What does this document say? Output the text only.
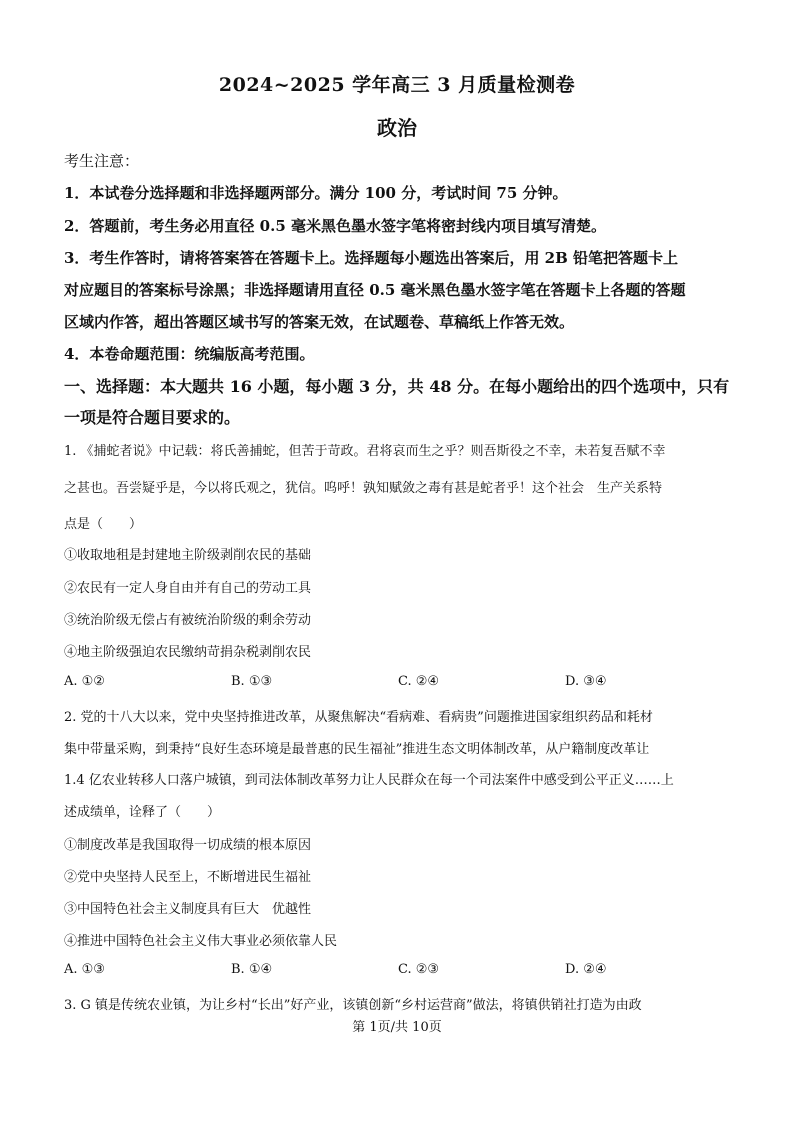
2024~2025 学年高三 3 月质量检测卷
政治
考生注意：
1．本试卷分选择题和非选择题两部分。满分 100 分，考试时间 75 分钟。
2．答题前，考生务必用直径 0.5 毫米黑色墨水签字笔将密封线内项目填写清楚。
3．考生作答时，请将答案答在答题卡上。选择题每小题选出答案后，用 2B 铅笔把答题卡上
对应题目的答案标号涂黑；非选择题请用直径 0.5 毫米黑色墨水签字笔在答题卡上各题的答题
区域内作答，超出答题区域书写的答案无效，在试题卷、草稿纸上作答无效。
4．本卷命题范围：统编版高考范围。
一、选择题：本大题共 16 小题，每小题 3 分，共 48 分。在每小题给出的四个选项中，只有
一项是符合题目要求的。
1. 《捕蛇者说》中记载：将氏善捕蛇，但苦于苛政。君将哀而生之乎？则吾斯役之不幸，未若复吾赋不幸
之甚也。吾尝疑乎是，今以将氏观之，犹信。呜呼！孰知赋敛之毒有甚是蛇者乎！这个社会　生产关系特
点是（　　）
①收取地租是封建地主阶级剥削农民的基础
②农民有一定人身自由并有自己的劳动工具
③统治阶级无偿占有被统治阶级的剩余劳动
④地主阶级强迫农民缴纳苛捐杂税剥削农民
A. ①②	B. ①③	C. ②④	D. ③④
2. 党的十八大以来，党中央坚持推进改革，从聚焦解决“看病难、看病贵”问题推进国家组织药品和耗材
集中带量采购，到秉持“良好生态环境是最普惠的民生福祉”推进生态文明体制改革，从户籍制度改革让
1.4 亿农业转移人口落户城镇，到司法体制改革努力让人民群众在每一个司法案件中感受到公平正义……上
述成绩单，诠释了（　　）
①制度改革是我国取得一切成绩的根本原因
②党中央坚持人民至上，不断增进民生福祉
③中国特色社会主义制度具有巨大　优越性
④推进中国特色社会主义伟大事业必须依靠人民
A. ①③	B. ①④	C. ②③	D. ②④
3. G 镇是传统农业镇，为让乡村“长出”好产业，该镇创新“乡村运营商”做法，将镇供销社打造为由政
第 1页/共 10页
